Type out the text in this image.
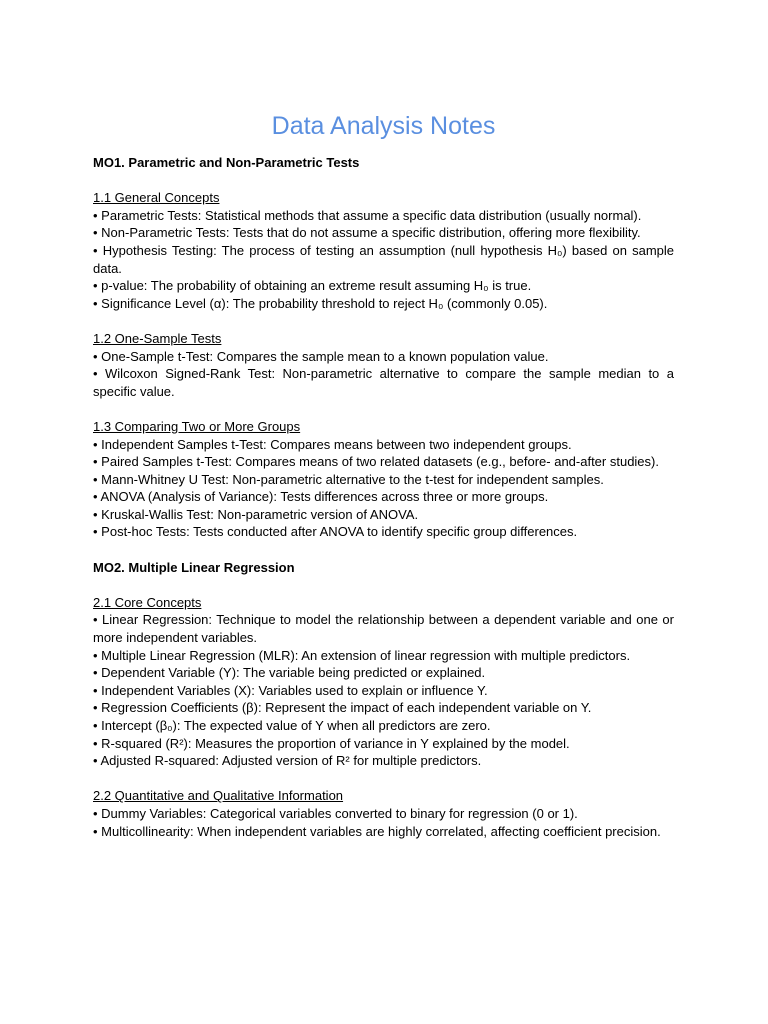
Data Analysis Notes

MO1. Parametric and Non-Parametric Tests

1.1 General Concepts

• Parametric Tests: Statistical methods that assume a specific data distribution (usually normal).

• Non-Parametric Tests: Tests that do not assume a specific distribution, offering more flexibility.

• Hypothesis Testing: The process of testing an assumption (null hypothesis H₀) based on sample data.

• p-value: The probability of obtaining an extreme result assuming H₀ is true.

• Significance Level (α): The probability threshold to reject H₀ (commonly 0.05).

1.2 One-Sample Tests

• One-Sample t-Test: Compares the sample mean to a known population value.

• Wilcoxon Signed-Rank Test: Non-parametric alternative to compare the sample median to a specific value.

1.3 Comparing Two or More Groups

• Independent Samples t-Test: Compares means between two independent groups.

• Paired Samples t-Test: Compares means of two related datasets (e.g., before- and-after studies).

• Mann-Whitney U Test: Non-parametric alternative to the t-test for independent samples.

• ANOVA (Analysis of Variance): Tests differences across three or more groups.

• Kruskal-Wallis Test: Non-parametric version of ANOVA.

• Post-hoc Tests: Tests conducted after ANOVA to identify specific group differences.

MO2. Multiple Linear Regression

2.1 Core Concepts

• Linear Regression: Technique to model the relationship between a dependent variable and one or more independent variables.

• Multiple Linear Regression (MLR): An extension of linear regression with multiple predictors.

• Dependent Variable (Y): The variable being predicted or explained.

• Independent Variables (X): Variables used to explain or influence Y.

• Regression Coefficients (β): Represent the impact of each independent variable on Y.

• Intercept (β₀): The expected value of Y when all predictors are zero.

• R-squared (R²): Measures the proportion of variance in Y explained by the model.

• Adjusted R-squared: Adjusted version of R² for multiple predictors.

2.2 Quantitative and Qualitative Information

• Dummy Variables: Categorical variables converted to binary for regression (0 or 1).

• Multicollinearity: When independent variables are highly correlated, affecting coefficient precision.
